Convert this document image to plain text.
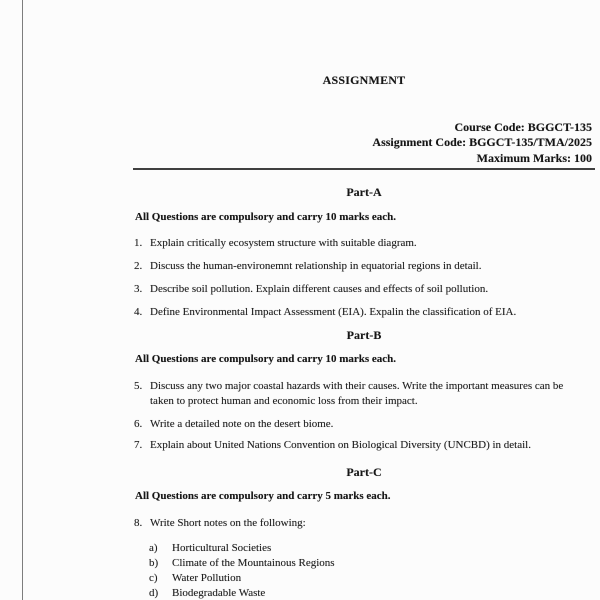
ASSIGNMENT
Course Code: BGGCT-135
Assignment Code: BGGCT-135/TMA/2025
Maximum Marks: 100
Part-A
All Questions are compulsory and carry 10 marks each.
1. Explain critically ecosystem structure with suitable diagram.
2. Discuss the human-environemnt relationship in equatorial regions in detail.
3. Describe soil pollution. Explain different causes and effects of soil pollution.
4. Define Environmental Impact Assessment (EIA). Expalin the classification of EIA.
Part-B
All Questions are compulsory and carry 10 marks each.
5. Discuss any two major coastal hazards with their causes. Write the important measures can be taken to protect human and economic loss from their impact.
6. Write a detailed note on the desert biome.
7. Explain about United Nations Convention on Biological Diversity (UNCBD) in detail.
Part-C
All Questions are compulsory and carry 5 marks each.
8. Write Short notes on the following:
a)	Horticultural Societies
b)	Climate of the Mountainous Regions
c)	Water Pollution
d)	Biodegradable Waste
